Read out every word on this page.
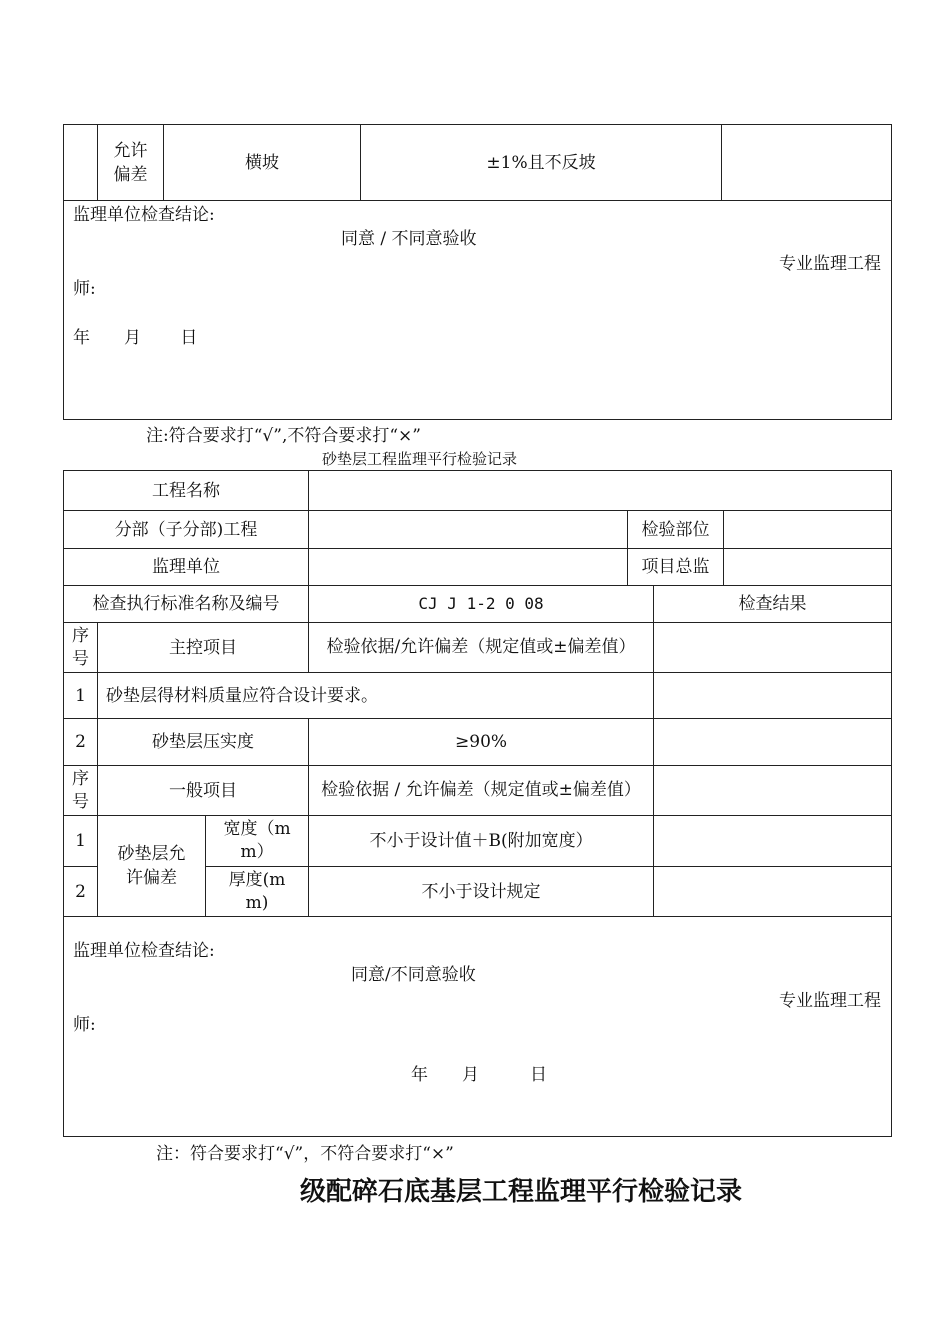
	允许偏差	横坡	±1%且不反坡	

监理单位检查结论:
同意 / 不同意验收
专业监理工程
师:
年　　月　　 日
注:符合要求打“√”,不符合要求打“×”
砂垫层工程监理平行检验记录
工程名称						
分部（子分部)工程				检验部位		
监理单位				项目总监		
检查执行标准名称及编号			CJ J 1-2 0 08		检查结果	
序号	主控项目		检验依据/允许偏差（规定值或±偏差值）			
1	砂垫层得材料质量应符合设计要求。					
2	砂垫层压实度		≥90%			
序号	一般项目		检验依据 / 允许偏差（规定值或±偏差值）			
1	砂垫层允许偏差	宽度（m m）	不小于设计值＋B(附加宽度）			
2		厚度(m m)	不小于设计规定			

监理单位检查结论:
同意/不同意验收
专业监理工程
师:
年　　月　　　日						
注：符合要求打“√”，不符合要求打“×”
级配碎石底基层工程监理平行检验记录
